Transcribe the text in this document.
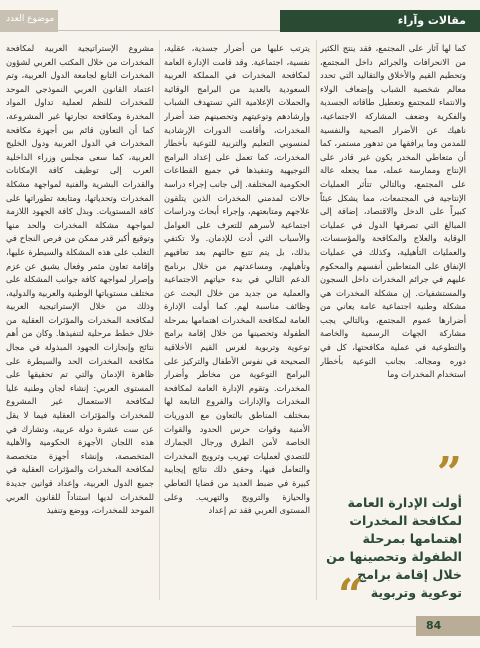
موضوع العدد	مقالات وآراء

كما لها آثار على المجتمع، فقد ينتج الكثير من الانحرافات والجرائم داخل المجتمع، وتحطيم القيم والأخلاق والتقاليد التي تحدد معالم شخصية الشباب وإضعاف الولاء والانتماء للمجتمع وتعطيل طاقاته الجسدية والفكرية وضعف المشاركة الاجتماعية، ناهيك عن الأضرار الصحية والنفسية للمدمن وما يرافقها من تدهور مستمر، كما أن متعاطي المخدر يكون غير قادر على الإنتاج وممارسة عمله، مما يجعله عالة على المجتمع، وبالتالي تتأثر العمليات الإنتاجية في المجتمعات، مما يشكل عبئاً كبيراً على الدخل والاقتصاد، إضافة إلى المبالغ التي تصرفها الدول في عمليات الوقاية والعلاج والمكافحة والمؤسسات، والعمليات التأهيلية، وكذلك في عمليات الإنفاق على المتعاطين أنفسهم والمحكوم عليهم في جرائم المخدرات داخل السجون والمستشفيات. إن مشكلة المخدرات هي مشكلة وطنية اجتماعية عامة يعاني من أضرارها عموم المجتمع، وبالتالي يجب مشاركة الجهات الرسمية والخاصة والتطوعية في عملية مكافحتها، كل في دوره ومجاله. بجانب التوعية بأخطار استخدام المخدرات وما

يترتب عليها من أضرار جسدية، عقلية، نفسية، اجتماعية. وقد قامت الإدارة العامة لمكافحة المخدرات في المملكة العربية السعودية بالعديد من البرامج الوقائية والحملات الإعلامية التي تستهدف الشباب وإرشادهم وتوعيتهم وتحصينهم ضد أضرار المخدرات، وأقامت الدورات الإرشادية لمنسوبي التعليم والتربية للتوعية بأخطار المخدرات، كما تعمل على إعداد البرامج التوجيهية وتنفيذها في جميع القطاعات الحكومية المختلفة. إلى جانب إجراء دراسة حالات لمدمني المخدرات الذين يتلقون علاجهم ومتابعتهم، وإجراء أبحاث ودراسات اجتماعية لأسرهم للتعرف على العوامل والأسباب التي أدت للإدمان. ولا تكتفي بذلك، بل يتم تتبع حالتهم بعد تعافيهم وتأهيلهم، ومساعدتهم من خلال برنامج الدعم التالي في بدء حياتهم الاجتماعية والعملية من جديد من خلال البحث عن وظائف مناسبة لهم. كما أولت الإدارة العامة لمكافحة المخدرات اهتمامها بمرحلة الطفولة وتحصينها من خلال إقامة برامج توعوية وتربوية لغرس القيم الأخلاقية الصحيحة في نفوس الأطفال والتركيز على البرامج التوعوية من مخاطر وأضرار المخدرات. وتقوم الإدارة العامة لمكافحة المخدرات والإدارات والفروع التابعة لها بمختلف المناطق بالتعاون مع الدوريات الأمنية وقوات حرس الحدود والقوات الخاصة لأمن الطرق ورجال الجمارك للتصدي لعمليات تهريب وترويج المخدرات والتعامل فيها، وحقق ذلك نتائج إيجابية كبيرة في ضبط العديد من قضايا التعاطي والحيازة والترويج والتهريب. وعلى المستوى العربي فقد تم إعداد

مشروع الإستراتيجية العربية لمكافحة المخدرات من خلال المكتب العربي لشؤون المخدرات التابع لجامعة الدول العربية، وتم اعتماد القانون العربي النموذجي الموحد للمخدرات للنظم لعملية تداول المواد المخدرة ومكافحة تجارتها غير المشروعة، كما أن التعاون قائم بين أجهزة مكافحة المخدرات في الدول العربية ودول الخليج العربية، كما سعى مجلس وزراء الداخلية العرب إلى توظيف كافة الإمكانات والقدرات البشرية والفنية لمواجهة مشكلة المخدرات وتحدياتها، ومتابعة تطوراتها على كافة المستويات. وبذل كافة الجهود اللازمة لمواجهة مشكلة المخدرات والحد منها وتوقيع أكبر قدر ممكن من فرص النجاح في التغلب على هذه المشكلة والسيطرة عليها، وإقامة تعاون مثمر وفعال يشيق عن عزم وإصرار لمواجهة كافة جوانب المشكلة على مختلف مستوياتها الوطنية والعربية والدولية، وذلك من خلال الإستراتيجية العربية لمكافحة المخدرات والمؤثرات العقلية من خلال خطط مرحلية لتنفيذها. وكان من أهم نتائج وإنجازات الجهود المبذولة في مجال مكافحة المخدرات الحد والسيطرة على ظاهرة الإدمان والتي تم تحقيقها على المستوى العربي: إنشاء لجان وطنية عليا لمكافحة الاستعمال غير المشروع للمخدرات والمؤثرات العقلية فيما لا يقل عن ست عشرة دولة عربية، وتشارك في هذه اللجان الأجهزة الحكومية والأهلية المتخصصة، وإنشاء أجهزة متخصصة لمكافحة المخدرات والمؤثرات العقلية في جميع الدول العربية، وإعداد قوانين جديدة للمخدرات لديها استناداً للقانون العربي الموحد للمخدرات، ووضع وتنفيذ

”
أولت الإدارة العامة لمكافحة المخدرات اهتمامها بمرحلة الطفولة وتحصينها من خلال إقامة برامج توعوية وتربوية
“
84
